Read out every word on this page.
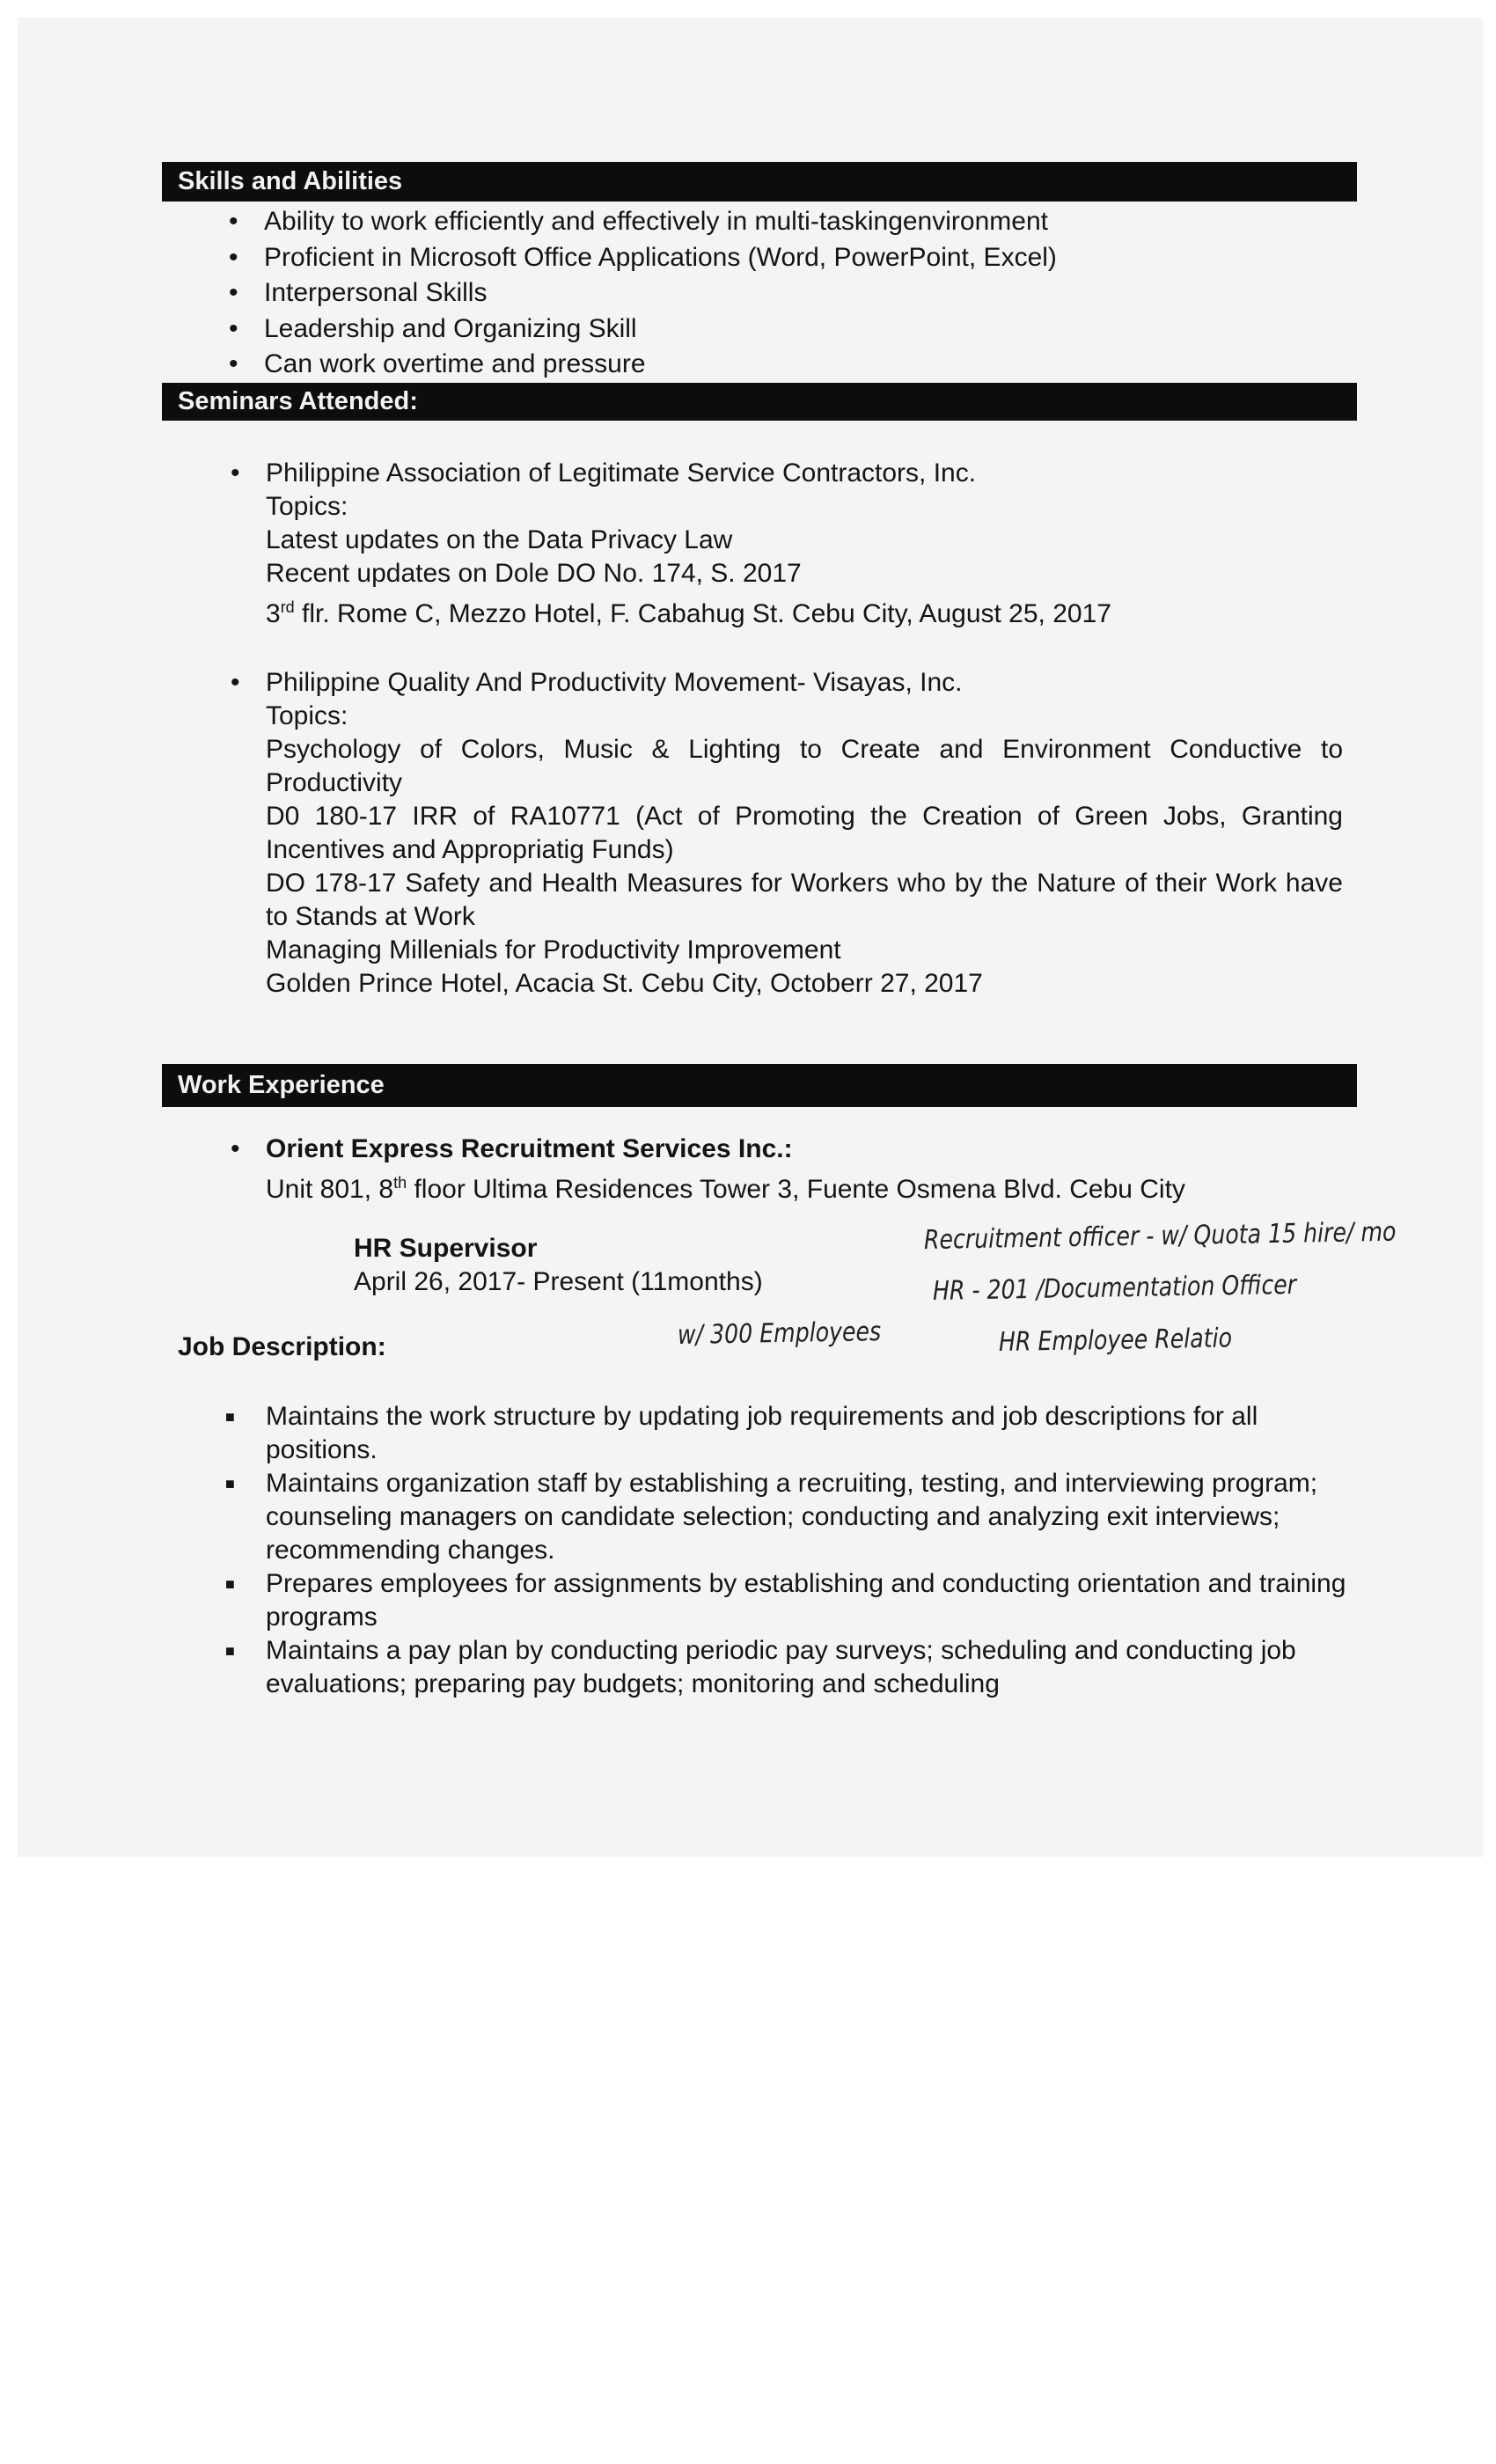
Skills and Abilities
• Ability to work efficiently and effectively in multi-taskingenvironment
• Proficient in Microsoft Office Applications (Word, PowerPoint, Excel)
• Interpersonal Skills
• Leadership and Organizing Skill
• Can work overtime and pressure
Seminars Attended:
• Philippine Association of Legitimate Service Contractors, Inc.
Topics:
Latest updates on the Data Privacy Law
Recent updates on Dole DO No. 174, S. 2017
3rd flr. Rome C, Mezzo Hotel, F. Cabahug St. Cebu City, August 25, 2017
• Philippine Quality And Productivity Movement- Visayas, Inc.
Topics:
Psychology of Colors, Music & Lighting to Create and Environment Conductive to Productivity
D0 180-17 IRR of RA10771 (Act of Promoting the Creation of Green Jobs, Granting Incentives and Appropriatig Funds)
DO 178-17 Safety and Health Measures for Workers who by the Nature of their Work have to Stands at Work
Managing Millenials for Productivity Improvement
Golden Prince Hotel, Acacia St. Cebu City, Octoberr 27, 2017
Work Experience
• Orient Express Recruitment Services Inc.:
Unit 801, 8th floor Ultima Residences Tower 3, Fuente Osmena Blvd. Cebu City
HR Supervisor
April 26, 2017- Present (11months)
Job Description:
■ Maintains the work structure by updating job requirements and job descriptions for all positions.
■ Maintains organization staff by establishing a recruiting, testing, and interviewing program; counseling managers on candidate selection; conducting and analyzing exit interviews; recommending changes.
■ Prepares employees for assignments by establishing and conducting orientation and training programs
■ Maintains a pay plan by conducting periodic pay surveys; scheduling and conducting job evaluations; preparing pay budgets; monitoring and scheduling
Recruitment officer - w/ Quota 15 hire/ mo
HR - 201 /Documentation Officer
HR Employee Relatio
w/ 300 Employees
